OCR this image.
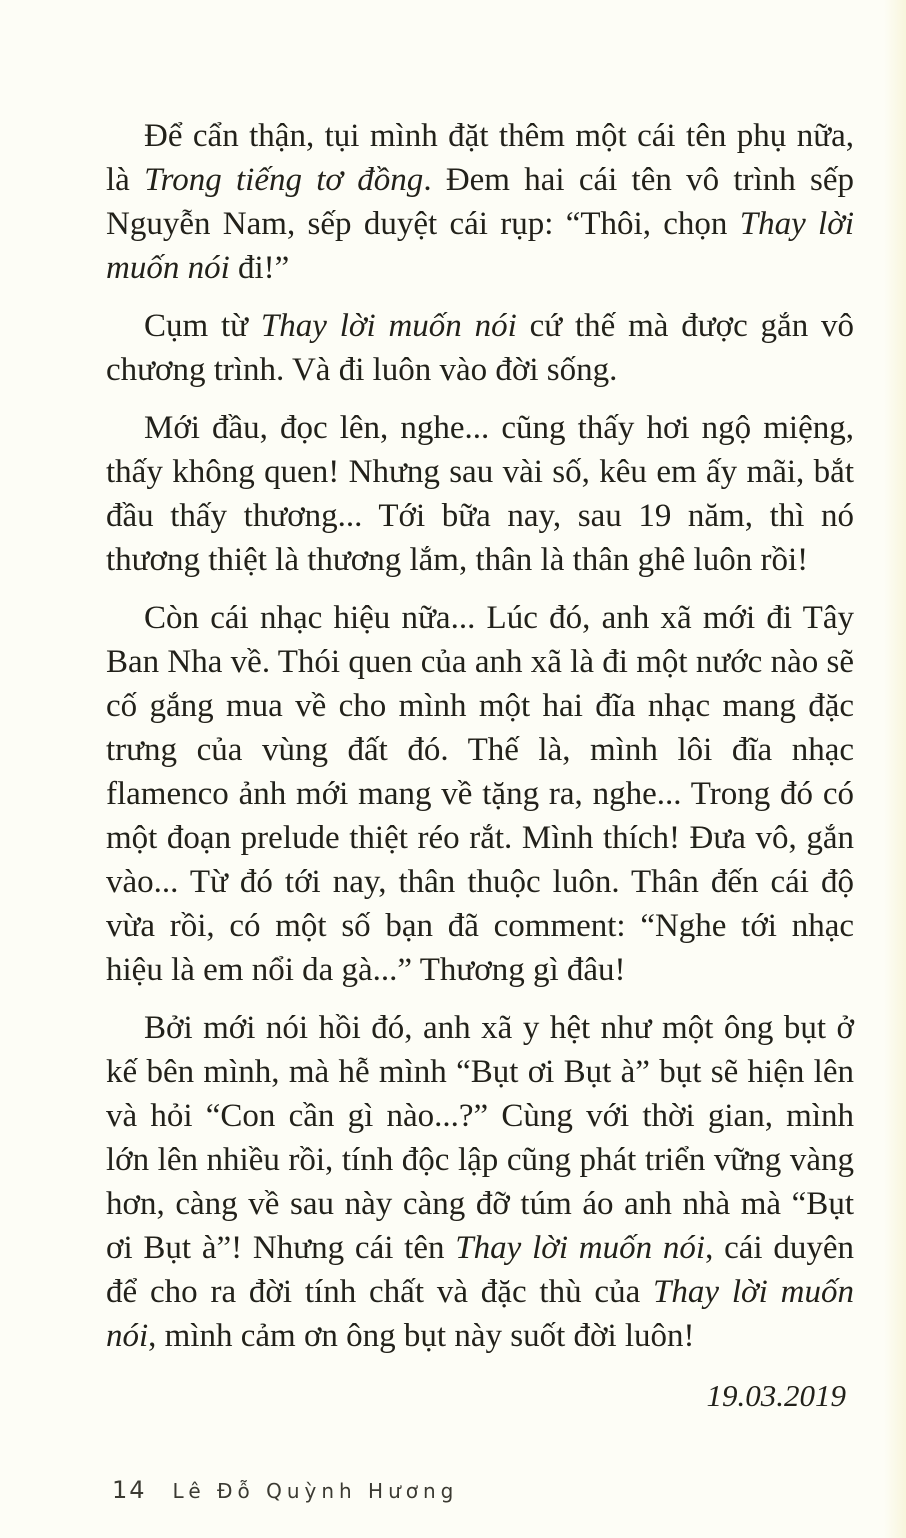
Để cẩn thận, tụi mình đặt thêm một cái tên phụ nữa, là Trong tiếng tơ đồng. Đem hai cái tên vô trình sếp Nguyễn Nam, sếp duyệt cái rụp: “Thôi, chọn Thay lời muốn nói đi!”

Cụm từ Thay lời muốn nói cứ thế mà được gắn vô chương trình. Và đi luôn vào đời sống.

Mới đầu, đọc lên, nghe... cũng thấy hơi ngộ miệng, thấy không quen! Nhưng sau vài số, kêu em ấy mãi, bắt đầu thấy thương... Tới bữa nay, sau 19 năm, thì nó thương thiệt là thương lắm, thân là thân ghê luôn rồi!

Còn cái nhạc hiệu nữa... Lúc đó, anh xã mới đi Tây Ban Nha về. Thói quen của anh xã là đi một nước nào sẽ cố gắng mua về cho mình một hai đĩa nhạc mang đặc trưng của vùng đất đó. Thế là, mình lôi đĩa nhạc flamenco ảnh mới mang về tặng ra, nghe... Trong đó có một đoạn prelude thiệt réo rắt. Mình thích! Đưa vô, gắn vào... Từ đó tới nay, thân thuộc luôn. Thân đến cái độ vừa rồi, có một số bạn đã comment: “Nghe tới nhạc hiệu là em nổi da gà...” Thương gì đâu!

Bởi mới nói hồi đó, anh xã y hệt như một ông bụt ở kế bên mình, mà hễ mình “Bụt ơi Bụt à” bụt sẽ hiện lên và hỏi “Con cần gì nào...?” Cùng với thời gian, mình lớn lên nhiều rồi, tính độc lập cũng phát triển vững vàng hơn, càng về sau này càng đỡ túm áo anh nhà mà “Bụt ơi Bụt à”! Nhưng cái tên Thay lời muốn nói, cái duyên để cho ra đời tính chất và đặc thù của Thay lời muốn nói, mình cảm ơn ông bụt này suốt đời luôn!

19.03.2019
14 Lê Đỗ Quỳnh Hương
